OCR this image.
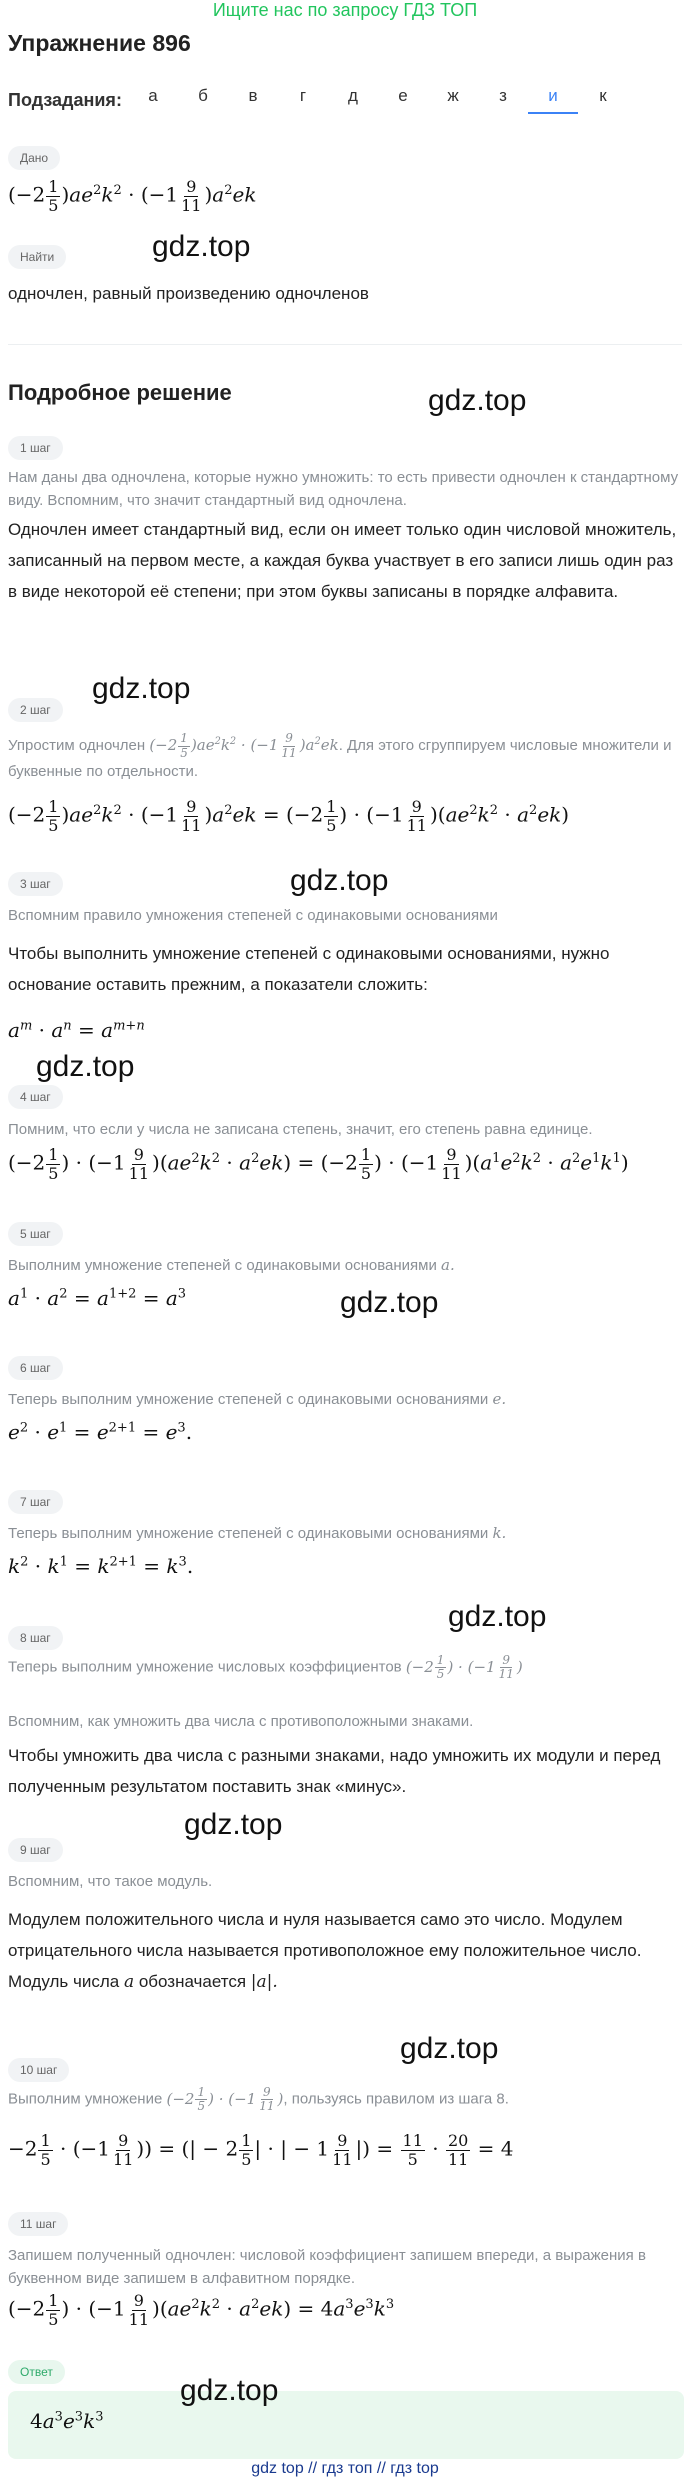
Ищите нас по запросу ГДЗ ТОП
Упражнение 896
Подзадания:	а	б	в	г	д	е	ж	з	и	к
Дано
$(-2 \frac{1}{5} )ae^2k^2 \cdot (-1 \frac{9}{11} )a^2ek$
Найти
одночлен, равный произведению одночленов
Подробное решение
1 шаг
Нам даны два одночлена, которые нужно умножить: то есть привести одночлен к стандартному виду. Вспомним, что значит стандартный вид одночлена.
Одночлен имеет стандартный вид, если он имеет только один числовой множитель, записанный на первом месте, а каждая буква участвует в его записи лишь один раз в виде некоторой её степени; при этом буквы записаны в порядке алфавита.
2 шаг
Упростим одночлен $(-2 \frac{1}{5} )ae^2k^2 \cdot (-1 \frac{9}{11} )a^2ek$. Для этого сгруппируем числовые множители и буквенные по отдельности.
$(-2 \frac{1}{5} )ae^2k^2 \cdot (-1 \frac{9}{11} )a^2ek = (-2 \frac{1}{5}$ ) · $(-1 \frac{9}{11} )(ae^2k^2 \cdot a^2ek)$
3 шаг
Вспомним правило умножения степеней с одинаковыми основаниями
Чтобы выполнить умножение степеней с одинаковыми основаниями, нужно основание оставить прежним, а показатели сложить:
$a^m \cdot a^n = a^{m+n}$
4 шаг
Помним, что если у числа не записана степень, значит, его степень равна единице.
($-2 \frac{1}{5}$ ) · $(-1 \frac{9}{11} )(ae^2k^2 \cdot a^2ek) = (-2 \frac{1}{5}$ ) · $(-1 \frac{9}{11} )(a^1e^2k^2 \cdot a^2e^1k^1)$
5 шаг
Выполним умножение степеней с одинаковыми основаниями a.
$a^1 \cdot a^2 = a^{1+2} = a^3$
6 шаг
Теперь выполним умножение степеней с одинаковыми основаниями e.
$e^2 \cdot e^1 = e^{2+1} = e^3$.
7 шаг
Теперь выполним умножение степеней с одинаковыми основаниями k.
$k^2 \cdot k^1 = k^{2+1} = k^3$.
8 шаг
Теперь выполним умножение числовых коэффициентов ($-2 \frac{1}{5}$ ) · ($-1 \frac{9}{11}$ )
Вспомним, как умножить два числа с противоположными знаками.
Чтобы умножить два числа с разными знаками, надо умножить их модули и перед полученным результатом поставить знак «минус».
9 шаг
Вспомним, что такое модуль.
Модулем положительного числа и нуля называется само это число. Модулем отрицательного числа называется противоположное ему положительное число. Модуль числа a обозначается |a|.
10 шаг
Выполним умножение ($-2 \frac{1}{5}$ ) · ($-1 \frac{9}{11}$ ), пользуясь правилом из шага 8.
$-2 \frac{1}{5} \cdot (-1 \frac{9}{11}$ )) = (| − $2 \frac{1}{5}$ | · | − $1 \frac{9}{11}$ |) = $\frac{11}{5} \cdot \frac{20}{11} = 4$
11 шаг
Запишем полученный одночлен: числовой коэффициент запишем впереди, а выражения в буквенном виде запишем в алфавитном порядке.
($-2 \frac{1}{5}$ ) · $(-1 \frac{9}{11} )(ae^2k^2 \cdot a^2ek) = 4a^3e^3k^3$
Ответ
$4a^3e^3k^3$
gdz.top
gdz.top
gdz.top
gdz.top
gdz.top
gdz.top
gdz.top
gdz.top
gdz.top
gdz.top
gdz top // гдз топ // гдз top
